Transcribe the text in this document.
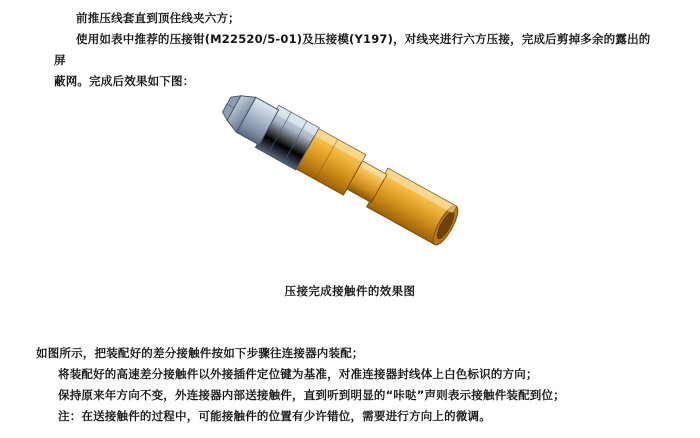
前推压线套直到顶住线夹六方；
使用如表中推荐的压接钳(M22520/5-01)及压接模(Y197)，对线夹进行六方压接，完成后剪掉多余的露出的屏
蔽网。完成后效果如下图：
压接完成接触件的效果图
如图所示，把装配好的差分接触件按如下步骤往连接器内装配；
将装配好的高速差分接触件以外接插件定位键为基准，对准连接器封线体上白色标识的方向；
保持原来年方向不变，外连接器内部送接触件，直到听到明显的“咔哒”声则表示接触件装配到位；
注：在送接触件的过程中，可能接触件的位置有少许错位，需要进行方向上的微调。
